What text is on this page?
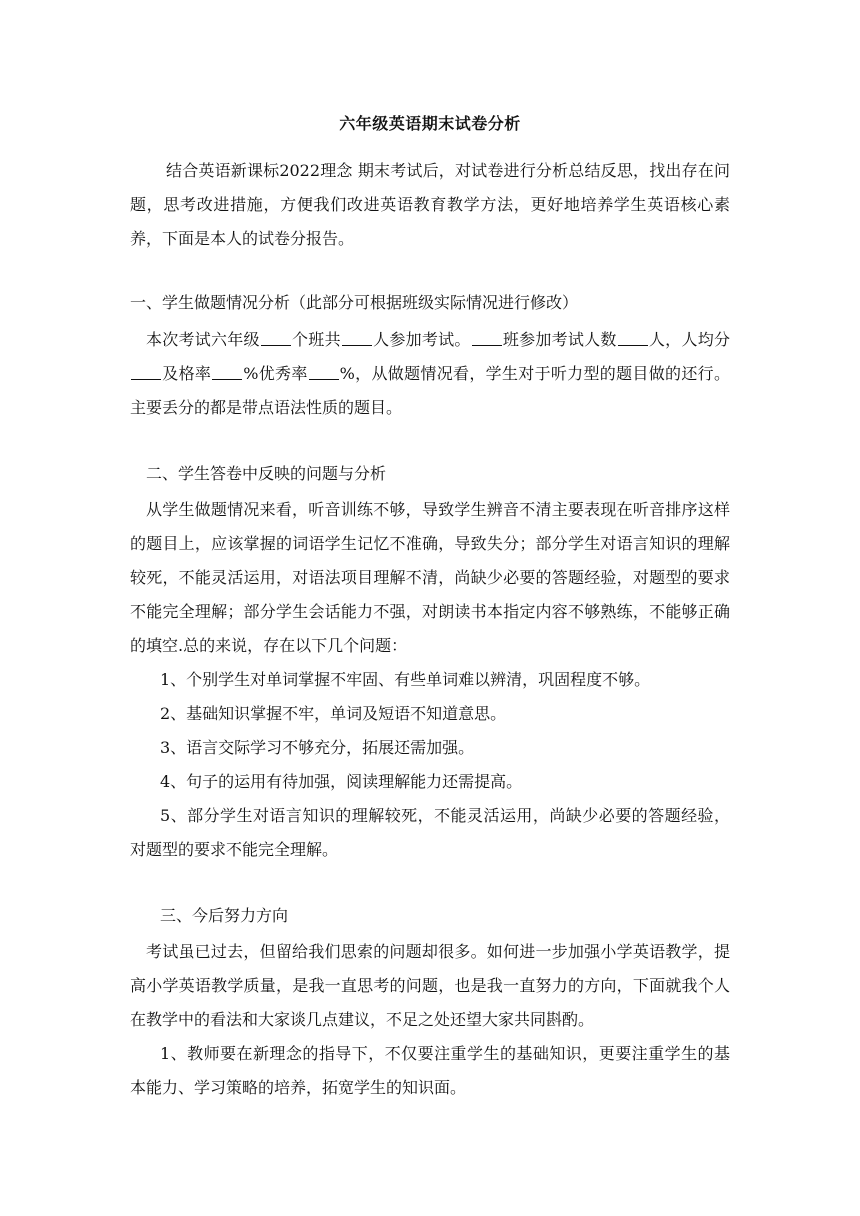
六年级英语期末试卷分析

结合英语新课标2022理念 期末考试后，对试卷进行分析总结反思，找出存在问题，思考改进措施，方便我们改进英语教育教学方法，更好地培养学生英语核心素养，下面是本人的试卷分报告。

一、学生做题情况分析（此部分可根据班级实际情况进行修改）

本次考试六年级 个班共 人参加考试。 班参加考试人数 人，人均分及格率 %优秀率 %，从做题情况看，学生对于听力型的题目做的还行。主要丢分的都是带点语法性质的题目。

二、学生答卷中反映的问题与分析

从学生做题情况来看，听音训练不够，导致学生辨音不清主要表现在听音排序这样的题目上，应该掌握的词语学生记忆不准确，导致失分；部分学生对语言知识的理解较死，不能灵活运用，对语法项目理解不清，尚缺少必要的答题经验，对题型的要求不能完全理解；部分学生会话能力不强，对朗读书本指定内容不够熟练，不能够正确的填空.总的来说，存在以下几个问题：

1、个别学生对单词掌握不牢固、有些单词难以辨清，巩固程度不够。

2、基础知识掌握不牢，单词及短语不知道意思。

3、语言交际学习不够充分，拓展还需加强。

4、句子的运用有待加强，阅读理解能力还需提高。

5、部分学生对语言知识的理解较死，不能灵活运用，尚缺少必要的答题经验，对题型的要求不能完全理解。

三、今后努力方向

考试虽已过去，但留给我们思索的问题却很多。如何进一步加强小学英语教学，提高小学英语教学质量，是我一直思考的问题，也是我一直努力的方向，下面就我个人在教学中的看法和大家谈几点建议，不足之处还望大家共同斟酌。

1、教师要在新理念的指导下，不仅要注重学生的基础知识，更要注重学生的基本能力、学习策略的培养，拓宽学生的知识面。
